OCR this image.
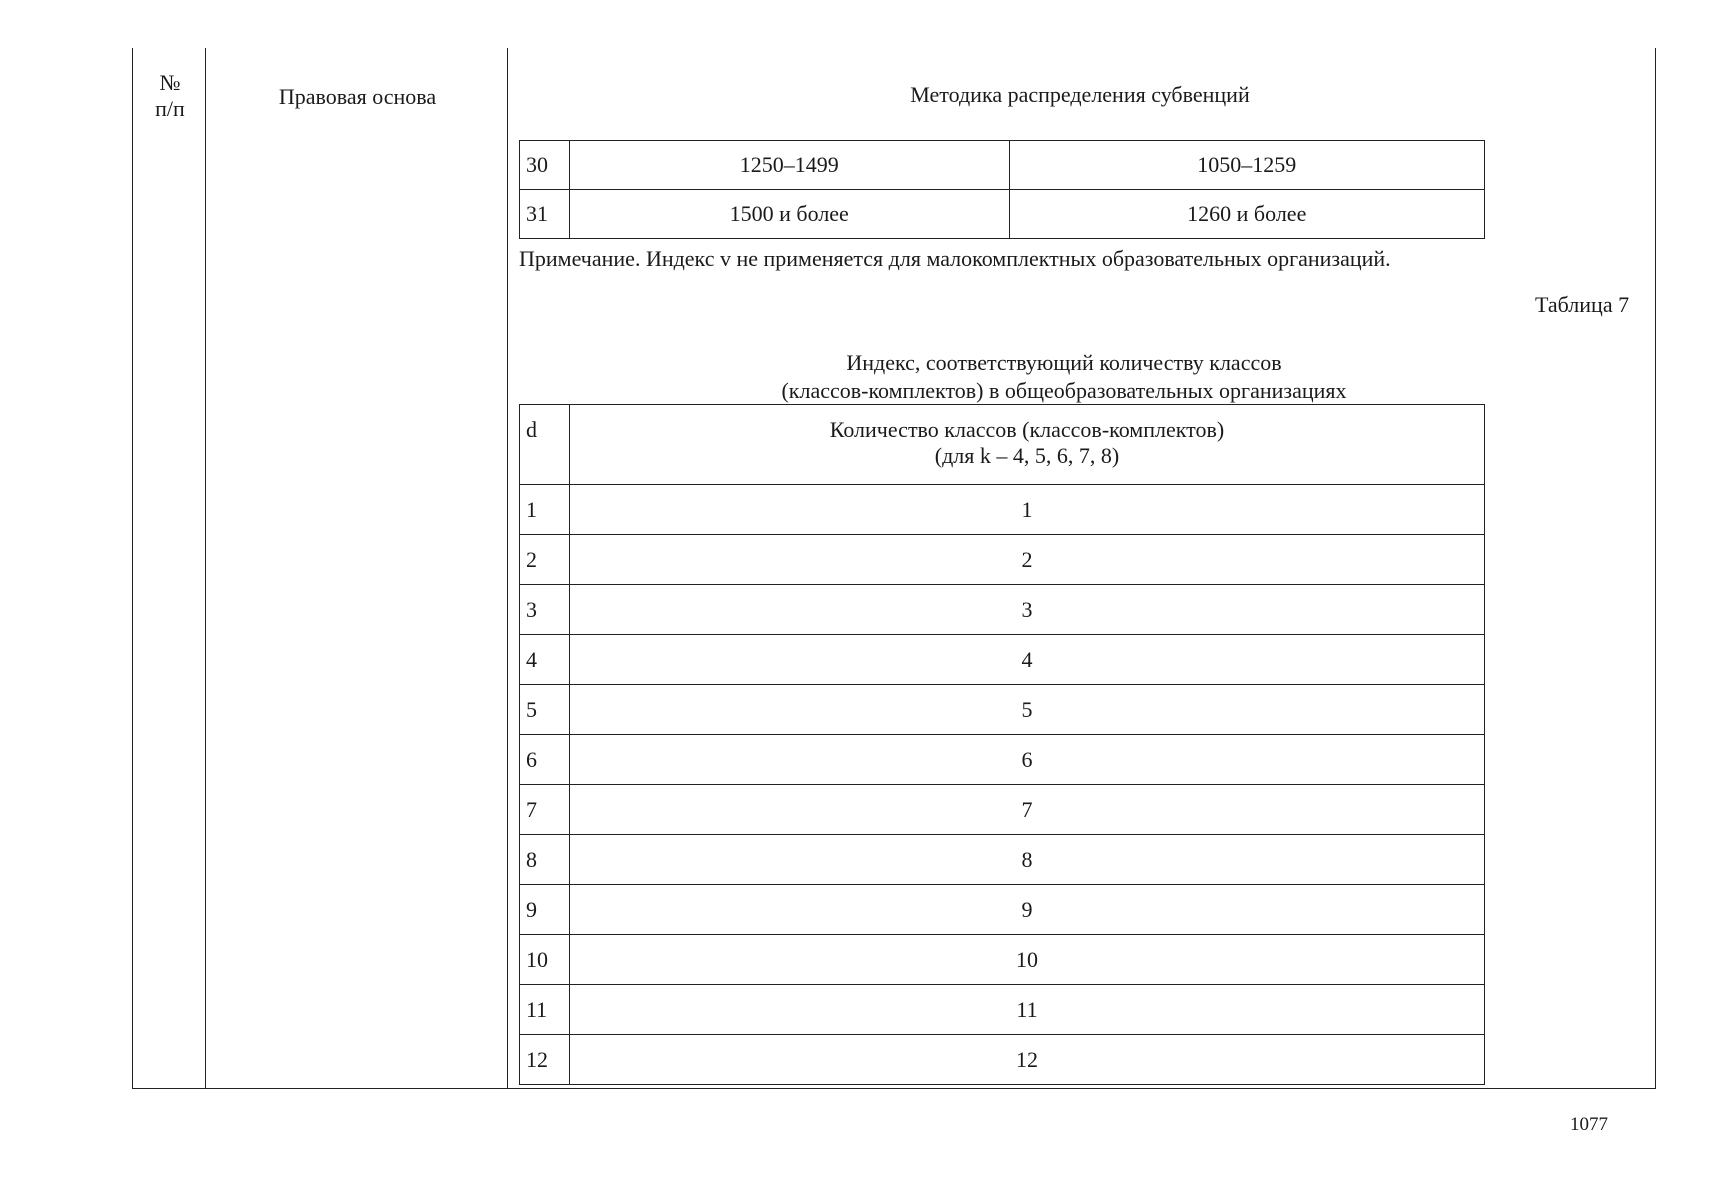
№
п/п	Правовая основа	Методика распределения субвенций
30	1250–1499	1050–1259
31	1500 и более	1260 и более
Примечание. Индекс v не применяется для малокомплектных образовательных организаций.
Таблица 7
Индекс, соответствующий количеству классов
(классов-комплектов) в общеобразовательных организациях
d	Количество классов (классов-комплектов)
(для k – 4, 5, 6, 7, 8)

1	1
2	2
3	3
4	4
5	5
6	6
7	7
8	8
9	9
10	10
11	11
12	12
1077
